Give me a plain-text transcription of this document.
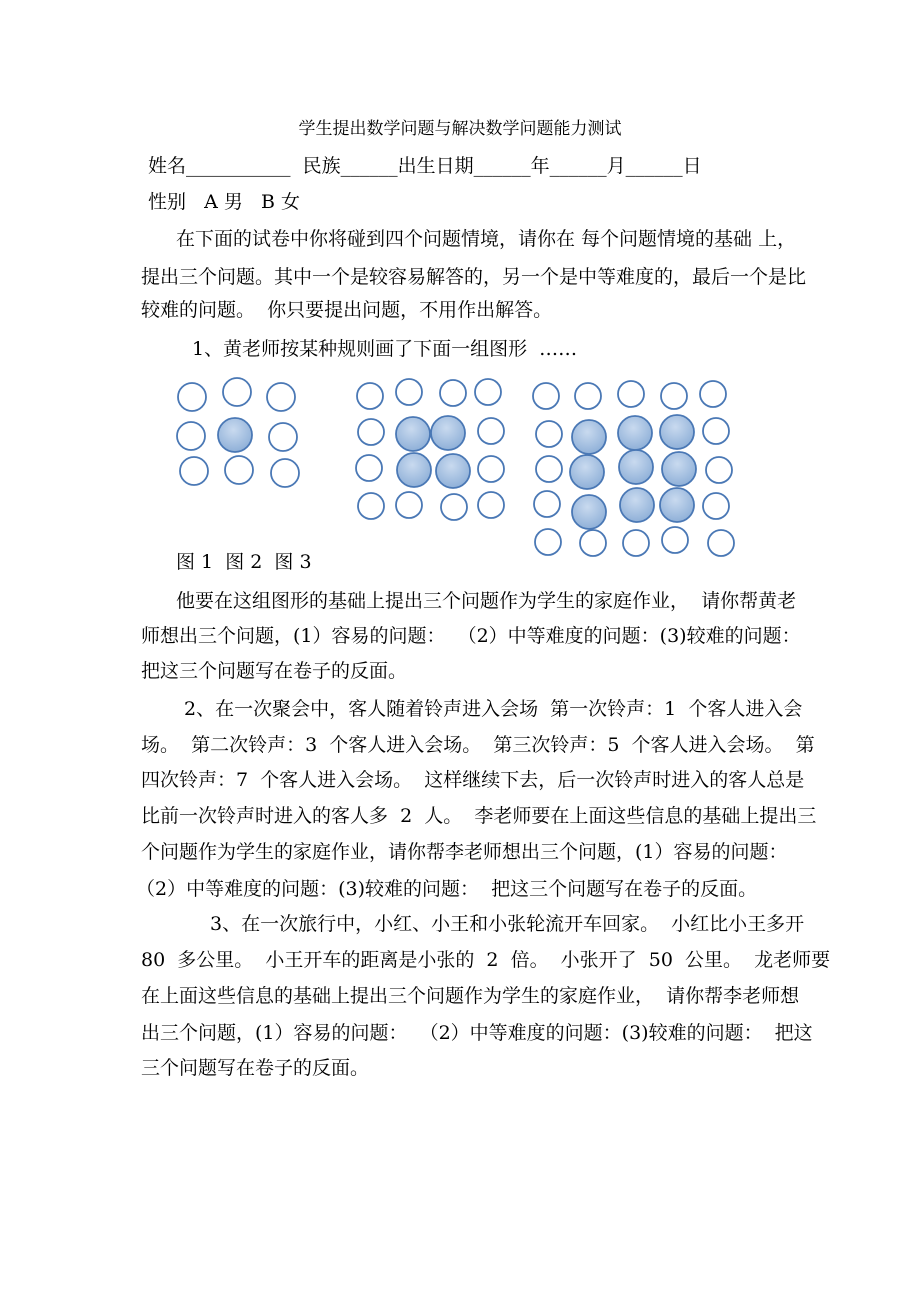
学生提出数学问题与解决数学问题能力测试
姓名___________  民族______出生日期______年______月______日
性别   A 男   B 女
在下面的试卷中你将碰到四个问题情境，请你在 每个问题情境的基础 上，
提出三个问题。其中一个是较容易解答的，另一个是中等难度的，最后一个是比
较难的问题。  你只要提出问题，不用作出解答。
1、黄老师按某种规则画了下面一组图形  ……
图 1  图 2  图 3
他要在这组图形的基础上提出三个问题作为学生的家庭作业，  请你帮黄老
师想出三个问题，(1）容易的问题：  （2）中等难度的问题：(3)较难的问题：
把这三个问题写在卷子的反面。
2、在一次聚会中，客人随着铃声进入会场  第一次铃声：1  个客人进入会
场。  第二次铃声：3  个客人进入会场。  第三次铃声：5  个客人进入会场。  第
四次铃声：7  个客人进入会场。  这样继续下去，后一次铃声时进入的客人总是
比前一次铃声时进入的客人多  2  人。  李老师要在上面这些信息的基础上提出三
个问题作为学生的家庭作业，请你帮李老师想出三个问题，(1）容易的问题：
（2）中等难度的问题：(3)较难的问题：  把这三个问题写在卷子的反面。
3、在一次旅行中，小红、小王和小张轮流开车回家。  小红比小王多开
80  多公里。  小王开车的距离是小张的  2  倍。  小张开了  50  公里。  龙老师要
在上面这些信息的基础上提出三个问题作为学生的家庭作业，  请你帮李老师想
出三个问题，(1）容易的问题：  （2）中等难度的问题：(3)较难的问题：  把这
三个问题写在卷子的反面。
